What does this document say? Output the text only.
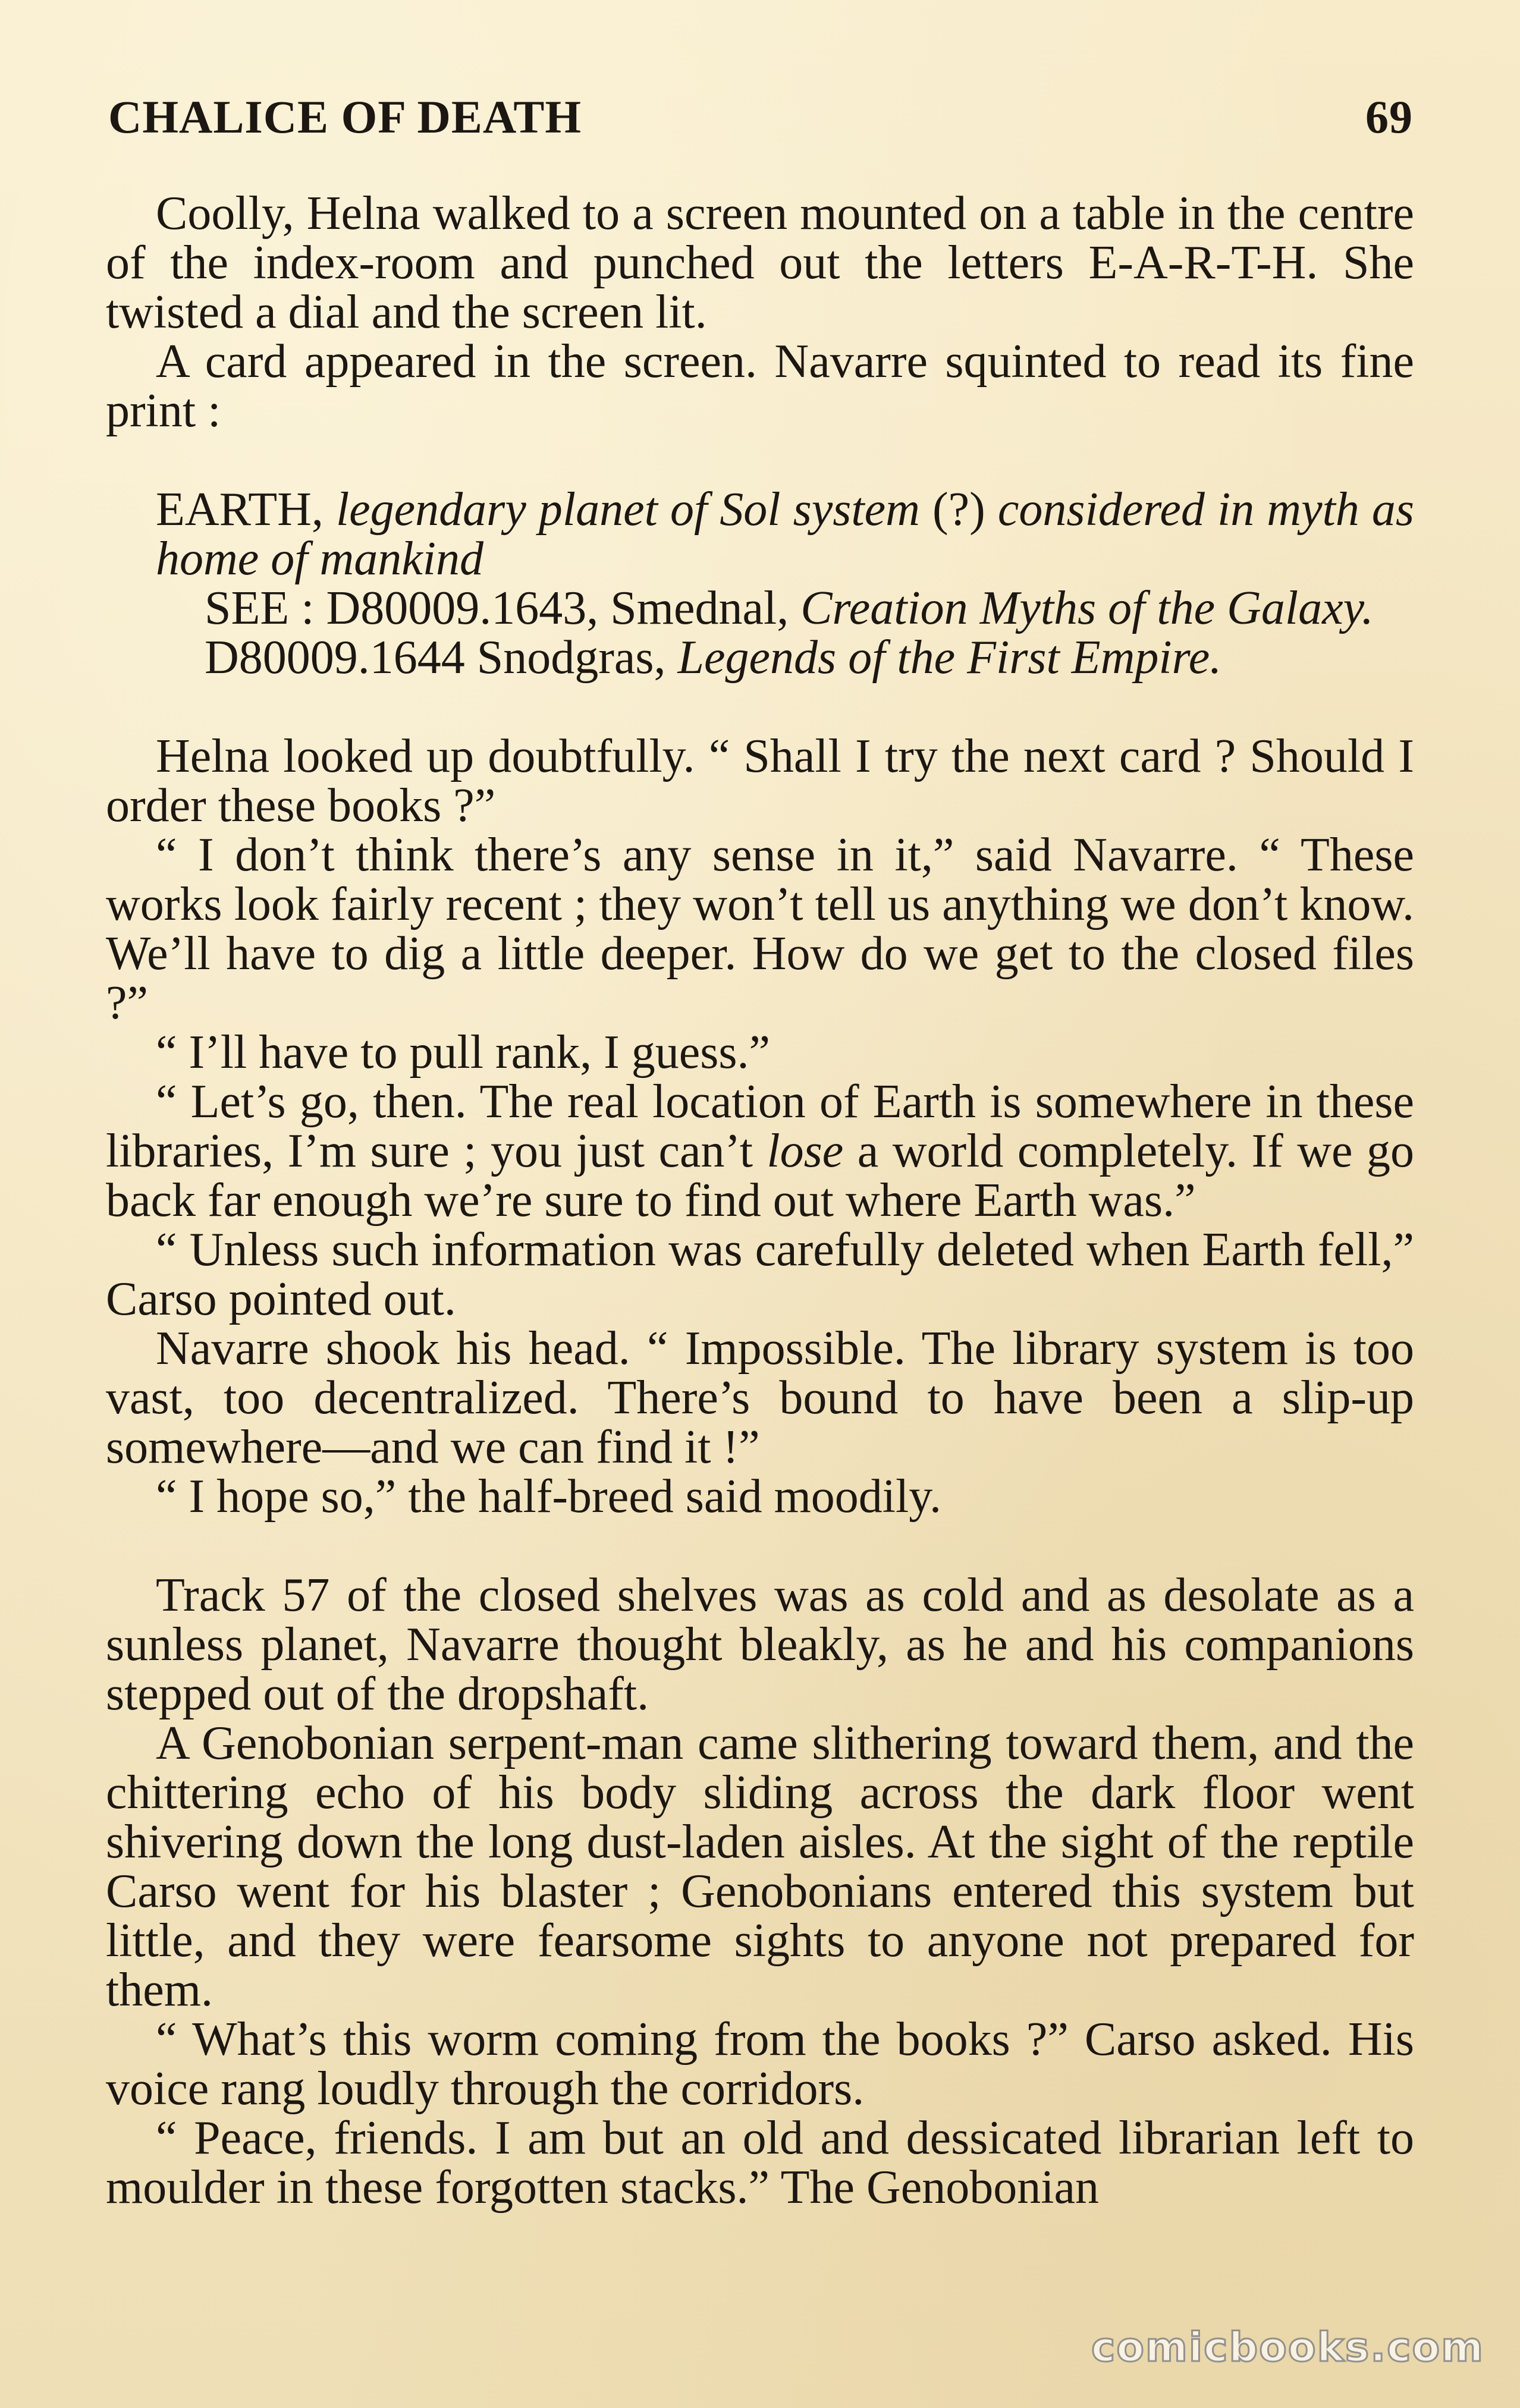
CHALICE OF DEATH	69

Coolly, Helna walked to a screen mounted on a table in the centre of the index-room and punched out the letters E-A-R-T-H. She twisted a dial and the screen lit.

A card appeared in the screen. Navarre squinted to read its fine print :

EARTH, legendary planet of Sol system (?) considered in myth as home of mankind

SEE : D80009.1643, Smednal, Creation Myths of the Galaxy.

D80009.1644 Snodgras, Legends of the First Empire.

Helna looked up doubtfully. “ Shall I try the next card ? Should I order these books ?”

“ I don’t think there’s any sense in it,” said Navarre. “ These works look fairly recent ; they won’t tell us anything we don’t know. We’ll have to dig a little deeper. How do we get to the closed files ?”

“ I’ll have to pull rank, I guess.”

“ Let’s go, then. The real location of Earth is somewhere in these libraries, I’m sure ; you just can’t lose a world completely. If we go back far enough we’re sure to find out where Earth was.”

“ Unless such information was carefully deleted when Earth fell,” Carso pointed out.

Navarre shook his head. “ Impossible. The library system is too vast, too decentralized. There’s bound to have been a slip-up somewhere—and we can find it !”

“ I hope so,” the half-breed said moodily.

Track 57 of the closed shelves was as cold and as desolate as a sunless planet, Navarre thought bleakly, as he and his companions stepped out of the dropshaft.

A Genobonian serpent-man came slithering toward them, and the chittering echo of his body sliding across the dark floor went shivering down the long dust-laden aisles. At the sight of the reptile Carso went for his blaster ; Genobonians entered this system but little, and they were fearsome sights to anyone not prepared for them.

“ What’s this worm coming from the books ?” Carso asked. His voice rang loudly through the corridors.

“ Peace, friends. I am but an old and dessicated librarian left to moulder in these forgotten stacks.” The Genobonian

comicbooks.com
